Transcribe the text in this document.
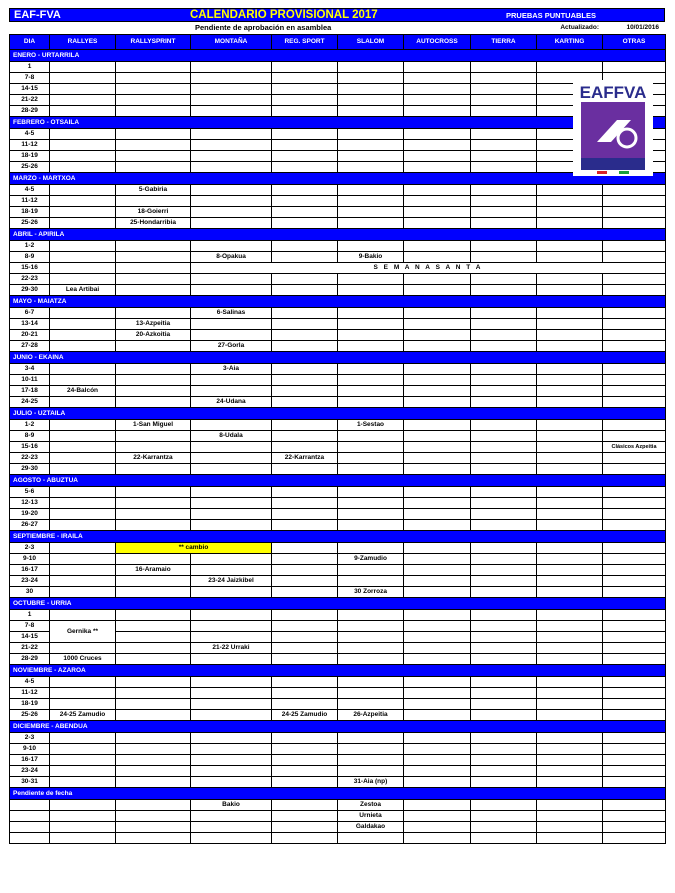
EAF-FVA	CALENDARIO PROVISIONAL 2017	PRUEBAS PUNTUABLES
Pendiente de aprobación en asamblea	Actualizado:	10/01/2016
DIA	RALLYES	RALLYSPRINT	MONTAÑA	REG. SPORT	SLALOM	AUTOCROSS	TIERRA	KARTING	OTRAS
ENERO - URTARRILA									
1									
7-8									
14-15									
21-22									
28-29									
FEBRERO - OTSAILA									
4-5									
11-12									
18-19									
25-26									
MARZO - MARTXOA									
4-5		5-Gabiria							
11-12									
18-19		18-Goierri							
25-26		25-Hondarribia							
ABRIL - APIRILA									
1-2									
8-9			8-Opakua		9-Bakio				
15-16			S E M A N A S A N T A						
22-23									
29-30	Lea Artibai								
MAYO - MAIATZA									
6-7			6-Salinas						
13-14		13-Azpeitia							
20-21		20-Azkoitia							
27-28			27-Gorla						
JUNIO - EKAINA									
3-4			3-Aia						
10-11									
17-18	24-Balcón								
24-25			24-Udana						
JULIO - UZTAILA									
1-2		1-San Miguel			1-Sestao				
8-9			8-Udala						
15-16									Clásicos Azpeitia
22-23		22-Karrantza		22-Karrantza					
29-30									
AGOSTO - ABUZTUA									
5-6									
12-13									
19-20									
26-27									
SEPTIEMBRE - IRAILA									
2-3		** cambio							
9-10					9-Zamudio				
16-17		16-Aramaio							
23-24			23-24 Jaizkibel						
30					30 Zorroza				
OCTUBRE - URRIA									
1									
7-8	Gernika **								
14-15									
21-22			21-22 Urraki						
28-29	1000 Cruces								
NOVIEMBRE - AZAROA									
4-5									
11-12									
18-19									
25-26	24-25 Zamudio			24-25 Zamudio	26-Azpeitia				
DICIEMBRE - ABENDUA									
2-3									
9-10									
16-17									
23-24									
30-31					31-Aia (np)				
Pendiente de fecha									
			Bakio		Zestoa				
					Urnieta				
					Galdakao				

EAFFVA
